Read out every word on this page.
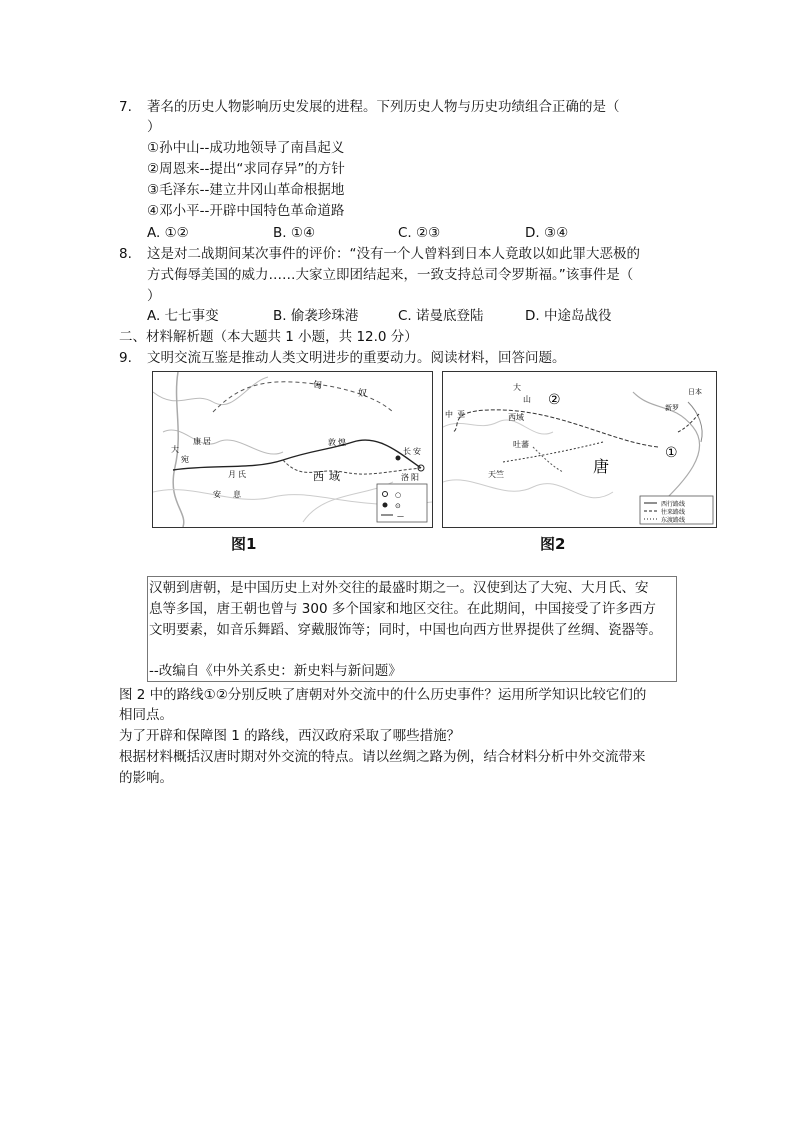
7. 著名的历史人物影响历史发展的进程。下列历史人物与历史功绩组合正确的是（
）
①孙中山--成功地领导了南昌起义
②周恩来--提出“求同存异”的方针
③毛泽东--建立井冈山革命根据地
④邓小平--开辟中国特色革命道路
A. ①②	B. ①④	C. ②③	D. ③④
8. 这是对二战期间某次事件的评价：“没有一个人曾料到日本人竟敢以如此罪大恶极的
方式侮辱美国的威力……大家立即团结起来，一致支持总司令罗斯福。”该事件是（
）
A. 七七事变	B. 偷袭珍珠港	C. 诺曼底登陆	D. 中途岛战役
二、材料解析题（本大题共 1 小题，共 12.0 分）
9. 文明交流互鉴是推动人类文明进步的重要动力。阅读材料，回答问题。
匈
奴
大
宛
康 居
安 息
月 氏	西 域
敦 煌
长 安
洛 阳
○
⊙
—
中 亚
大
山
西域
②
唐
①
天竺
吐蕃
日本
新罗
西行路线
往来路线
东渡路线
图1	图2
汉朝到唐朝，是中国历史上对外交往的最盛时期之一。汉使到达了大宛、大月氏、安
息等多国，唐王朝也曾与 300 多个国家和地区交往。在此期间，中国接受了许多西方
文明要素，如音乐舞蹈、穿戴服饰等；同时，中国也向西方世界提供了丝绸、瓷器等。
--改编自《中外关系史：新史料与新问题》
图 2 中的路线①②分别反映了唐朝对外交流中的什么历史事件？运用所学知识比较它们的
相同点。
为了开辟和保障图 1 的路线，西汉政府采取了哪些措施？
根据材料概括汉唐时期对外交流的特点。请以丝绸之路为例，结合材料分析中外交流带来
的影响。
